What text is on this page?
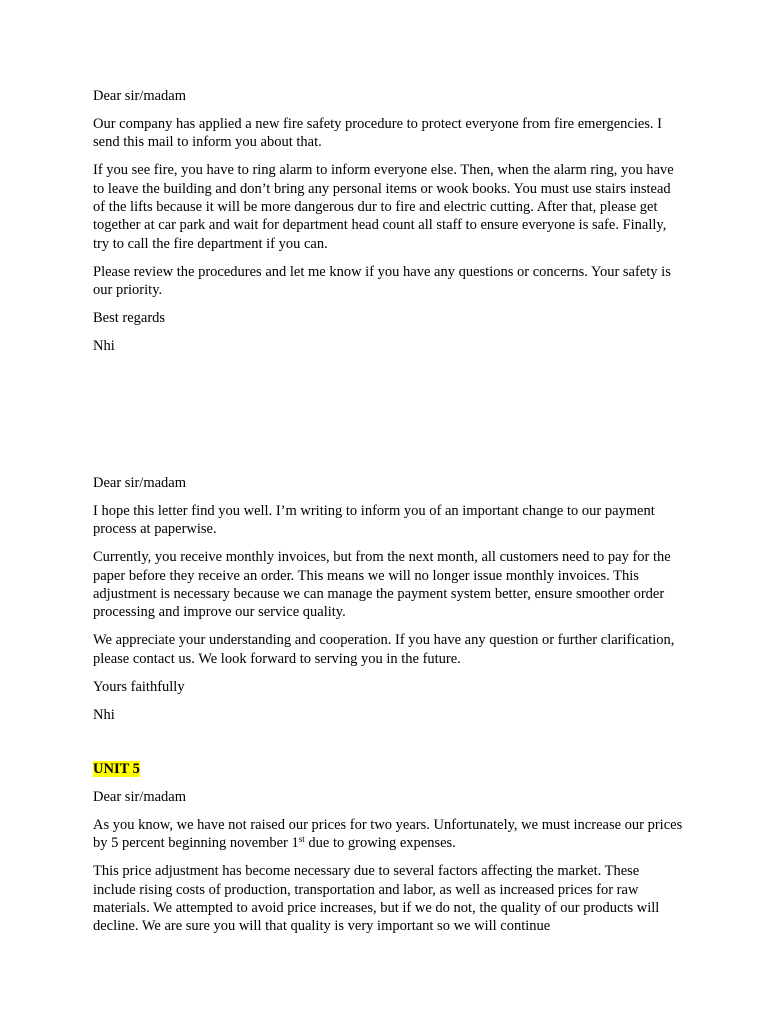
Dear sir/madam

Our company has applied a new fire safety procedure to protect everyone from fire emergencies. I send this mail to inform you about that.

If you see fire, you have to ring alarm to inform everyone else. Then, when the alarm ring, you have to leave the building and don’t bring any personal items or wook books. You must use stairs instead of the lifts because it will be more dangerous dur to fire and electric cutting. After that, please get together at car park and wait for department head count all staff to ensure everyone is safe. Finally, try to call the fire department if you can.

Please review the procedures and let me know if you have any questions or concerns. Your safety is our priority.

Best regards

Nhi

Dear sir/madam

I hope this letter find you well. I’m writing to inform you of an important change to our payment process at paperwise.

Currently, you receive monthly invoices, but from the next month, all customers need to pay for the paper before they receive an order. This means we will no longer issue monthly invoices. This adjustment is necessary because we can manage the payment system better, ensure smoother order processing and improve our service quality.

We appreciate your understanding and cooperation. If you have any question or further clarification, please contact us. We look forward to serving you in the future.

Yours faithfully

Nhi

UNIT 5

Dear sir/madam

As you know, we have not raised our prices for two years. Unfortunately, we must increase our prices by 5 percent beginning november 1st due to growing expenses.

This price adjustment has become necessary due to several factors affecting the market. These include rising costs of production, transportation and labor, as well as increased prices for raw materials. We attempted to avoid price increases, but if we do not, the quality of our products will decline. We are sure you will that quality is very important so we will continue
